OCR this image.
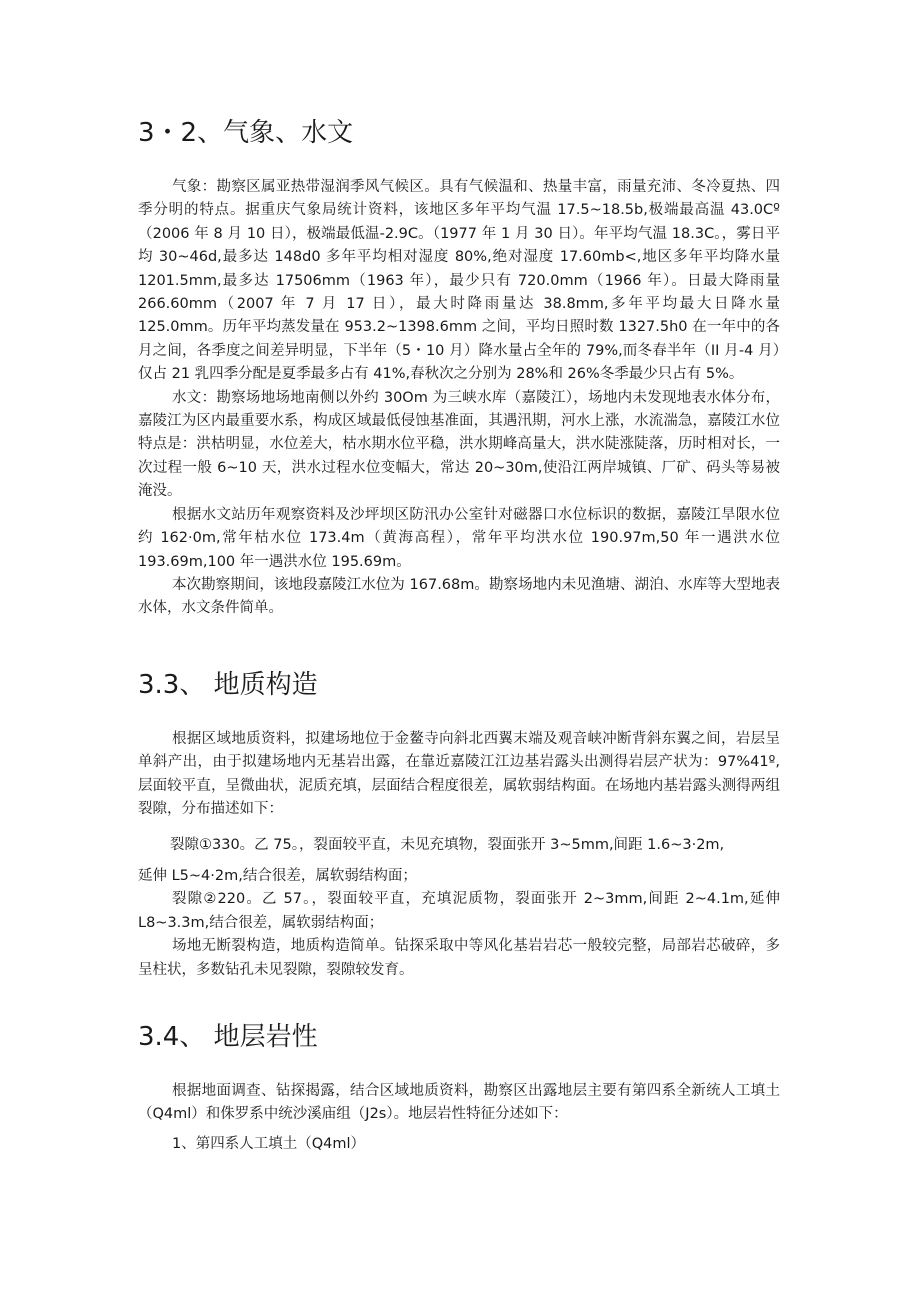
3・2、气象、水文

气象：勘察区属亚热带湿润季风气候区。具有气候温和、热量丰富，雨量充沛、冬冷夏热、四季分明的特点。据重庆气象局统计资料，该地区多年平均气温 17.5~18.5b,极端最高温 43.0Cº（2006 年 8 月 10 日），极端最低温-2.9C。（1977 年 1 月 30 日）。年平均气温 18.3C。，雾日平均 30~46d,最多达 148d0 多年平均相对湿度 80%,绝对湿度 17.60mb<,地区多年平均降水量 1201.5mm,最多达 17506mm（1963 年），最少只有 720.0mm（1966 年）。日最大降雨量 266.60mm（2007 年 7 月 17 日），最大时降雨量达 38.8mm,多年平均最大日降水量 125.0mm。历年平均蒸发量在 953.2~1398.6mm 之间，平均日照时数 1327.5h0 在一年中的各月之间，各季度之间差异明显，下半年（5・10 月）降水量占全年的 79%,而冬春半年（II 月-4 月）仅占 21 乳四季分配是夏季最多占有 41%,春秋次之分别为 28%和 26%冬季最少只占有 5%。

水文：勘察场地场地南侧以外约 30Om 为三峡水库（嘉陵江），场地内未发现地表水体分布，嘉陵江为区内最重要水系，构成区域最低侵蚀基准面，其遇汛期，河水上涨，水流湍急，嘉陵江水位特点是：洪枯明显，水位差大，枯水期水位平稳，洪水期峰高量大，洪水陡涨陡落，历时相对长，一次过程一般 6~10 天，洪水过程水位变幅大，常达 20~30m,使沿江两岸城镇、厂矿、码头等易被淹没。

根据水文站历年观察资料及沙坪坝区防汛办公室针对磁器口水位标识的数据，嘉陵江旱限水位约 162·0m,常年枯水位 173.4m（黄海高程），常年平均洪水位 190.97m,50 年一遇洪水位 193.69m,100 年一遇洪水位 195.69m。

本次勘察期间，该地段嘉陵江水位为 167.68m。勘察场地内未见渔塘、湖泊、水库等大型地表水体，水文条件简单。

3.3、 地质构造

根据区域地质资料，拟建场地位于金鳌寺向斜北西翼末端及观音峡冲断背斜东翼之间，岩层呈单斜产出，由于拟建场地内无基岩出露，在靠近嘉陵江江边基岩露头出测得岩层产状为：97%41º,层面较平直，呈微曲状，泥质充填，层面结合程度很差，属软弱结构面。在场地内基岩露头测得两组裂隙，分布描述如下：

裂隙①330。乙 75。，裂面较平直，未见充填物，裂面张开 3~5mm,间距 1.6~3·2m,

延伸 L5~4·2m,结合很差，属软弱结构面；

裂隙②220。乙 57。，裂面较平直，充填泥质物，裂面张开 2~3mm,间距 2~4.1m,延伸 L8~3.3m,结合很差，属软弱结构面；

场地无断裂构造，地质构造简单。钻探采取中等风化基岩岩芯一般较完整，局部岩芯破碎，多呈柱状，多数钻孔未见裂隙，裂隙较发育。

3.4、 地层岩性

根据地面调查、钻探揭露，结合区域地质资料，勘察区出露地层主要有第四系全新统人工填土（Q4ml）和侏罗系中统沙溪庙组（J2s）。地层岩性特征分述如下：

1、第四系人工填土（Q4ml）
